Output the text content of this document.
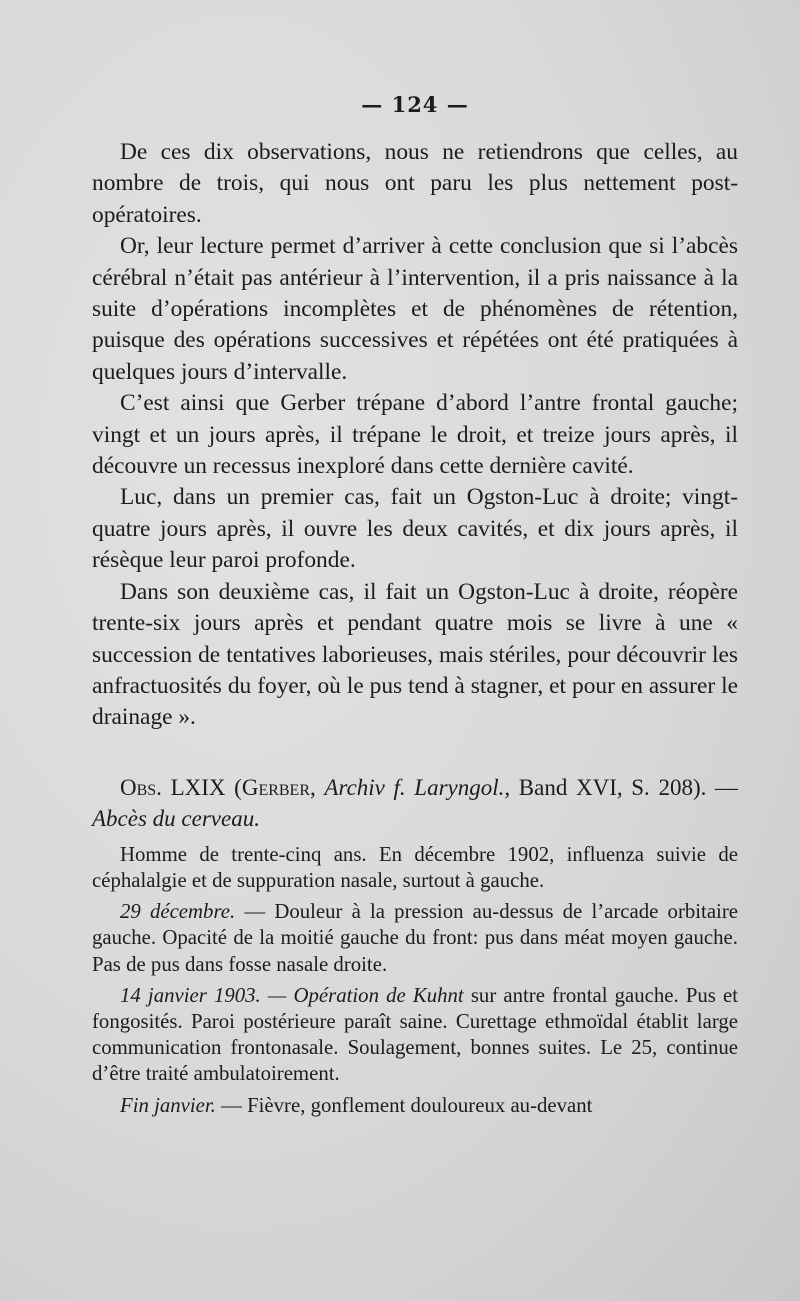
— 124 —

De ces dix observations, nous ne retiendrons que celles, au nombre de trois, qui nous ont paru les plus nettement post-opératoires.

Or, leur lecture permet d’arriver à cette conclusion que si l’abcès cérébral n’était pas antérieur à l’intervention, il a pris naissance à la suite d’opérations incomplètes et de phénomènes de rétention, puisque des opérations successives et répétées ont été pratiquées à quelques jours d’intervalle.

C’est ainsi que Gerber trépane d’abord l’antre frontal gauche; vingt et un jours après, il trépane le droit, et treize jours après, il découvre un recessus inexploré dans cette dernière cavité.

Luc, dans un premier cas, fait un Ogston-Luc à droite; vingt-quatre jours après, il ouvre les deux cavités, et dix jours après, il résèque leur paroi profonde.

Dans son deuxième cas, il fait un Ogston-Luc à droite, réopère trente-six jours après et pendant quatre mois se livre à une « succession de tentatives laborieuses, mais stériles, pour découvrir les anfractuosités du foyer, où le pus tend à stagner, et pour en assurer le drainage ».

Obs. LXIX (Gerber, Archiv f. Laryngol., Band XVI, S. 208). — Abcès du cerveau.

Homme de trente-cinq ans. En décembre 1902, influenza suivie de céphalalgie et de suppuration nasale, surtout à gauche.

29 décembre. — Douleur à la pression au-dessus de l’arcade orbitaire gauche. Opacité de la moitié gauche du front: pus dans méat moyen gauche. Pas de pus dans fosse nasale droite.

14 janvier 1903. — Opération de Kuhnt sur antre frontal gauche. Pus et fongosités. Paroi postérieure paraît saine. Curettage ethmoïdal établit large communication frontonasale. Soulagement, bonnes suites. Le 25, continue d’être traité ambulatoirement.

Fin janvier. — Fièvre, gonflement douloureux au-devant
